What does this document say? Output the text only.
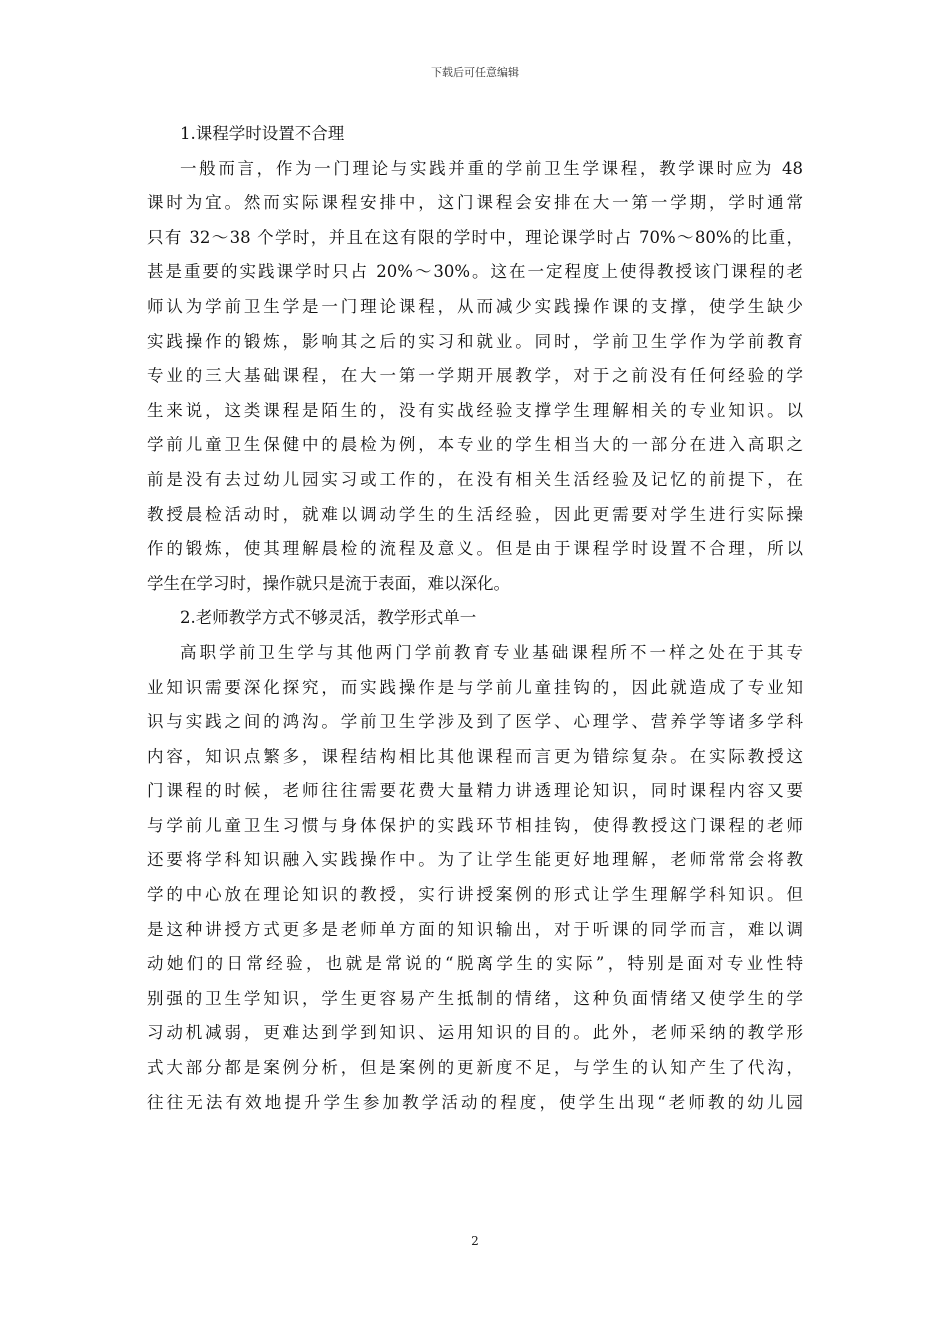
下载后可任意编辑
1.课程学时设置不合理
一般而言，作为一门理论与实践并重的学前卫生学课程，教学课时应为 48
课时为宜。然而实际课程安排中，这门课程会安排在大一第一学期，学时通常
只有 32～38 个学时，并且在这有限的学时中，理论课学时占 70%～80%的比重，
甚是重要的实践课学时只占 20%～30%。这在一定程度上使得教授该门课程的老
师认为学前卫生学是一门理论课程，从而减少实践操作课的支撑，使学生缺少
实践操作的锻炼，影响其之后的实习和就业。同时，学前卫生学作为学前教育
专业的三大基础课程，在大一第一学期开展教学，对于之前没有任何经验的学
生来说，这类课程是陌生的，没有实战经验支撑学生理解相关的专业知识。以
学前儿童卫生保健中的晨检为例，本专业的学生相当大的一部分在进入高职之
前是没有去过幼儿园实习或工作的，在没有相关生活经验及记忆的前提下，在
教授晨检活动时，就难以调动学生的生活经验，因此更需要对学生进行实际操
作的锻炼，使其理解晨检的流程及意义。但是由于课程学时设置不合理，所以
学生在学习时，操作就只是流于表面，难以深化。
2.老师教学方式不够灵活，教学形式单一
高职学前卫生学与其他两门学前教育专业基础课程所不一样之处在于其专
业知识需要深化探究，而实践操作是与学前儿童挂钩的，因此就造成了专业知
识与实践之间的鸿沟。学前卫生学涉及到了医学、心理学、营养学等诸多学科
内容，知识点繁多，课程结构相比其他课程而言更为错综复杂。在实际教授这
门课程的时候，老师往往需要花费大量精力讲透理论知识，同时课程内容又要
与学前儿童卫生习惯与身体保护的实践环节相挂钩，使得教授这门课程的老师
还要将学科知识融入实践操作中。为了让学生能更好地理解，老师常常会将教
学的中心放在理论知识的教授，实行讲授案例的形式让学生理解学科知识。但
是这种讲授方式更多是老师单方面的知识输出，对于听课的同学而言，难以调
动她们的日常经验，也就是常说的“脱离学生的实际”，特别是面对专业性特
别强的卫生学知识，学生更容易产生抵制的情绪，这种负面情绪又使学生的学
习动机减弱，更难达到学到知识、运用知识的目的。此外，老师采纳的教学形
式大部分都是案例分析，但是案例的更新度不足，与学生的认知产生了代沟，
往往无法有效地提升学生参加教学活动的程度，使学生出现“老师教的幼儿园
2
